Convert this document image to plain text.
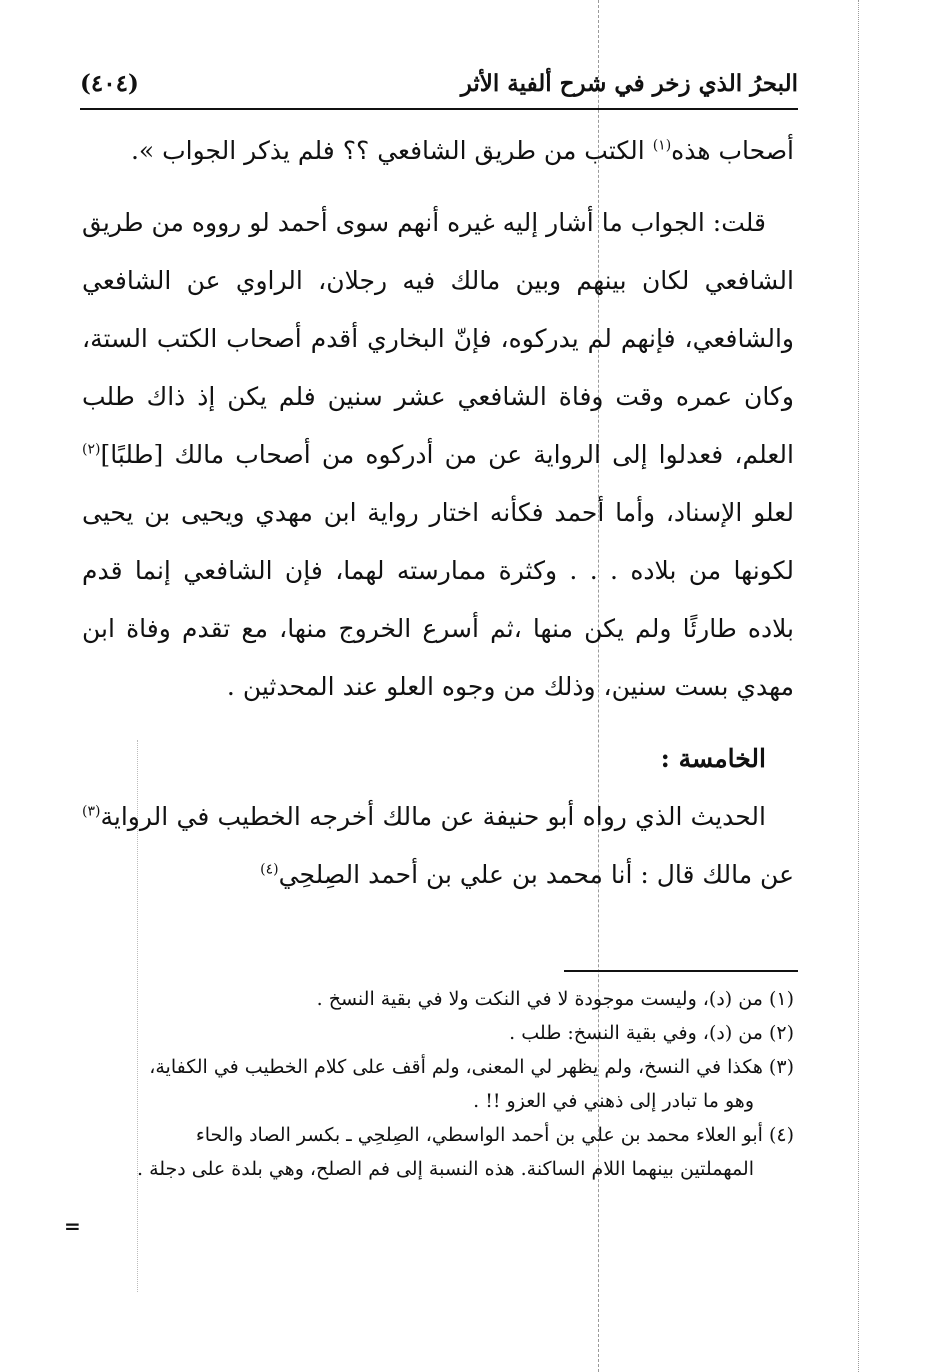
البحرُ الذي زخر في شرح ألفية الأثر
(٤٠٤)

أصحاب هذه$^{(١)}$ الكتب من طريق الشافعي ؟؟ فلم يذكر الجواب ».

قلت: الجواب ما أشار إليه غيره أنهم سوى أحمد لو رووه من طريق الشافعي لكان بينهم وبين مالك فيه رجلان، الراوي عن الشافعي والشافعي، فإنهم لم يدركوه، فإنّ البخاري أقدم أصحاب الكتب الستة، وكان عمره وقت وفاة الشافعي عشر سنين فلم يكن إذ ذاك طلب العلم، فعدلوا إلى الرواية عن من أدركوه من أصحاب مالك [طلبًا]$^{(٢)}$ لعلو الإسناد، وأما أحمد فكأنه اختار رواية ابن مهدي ويحيى بن يحيى لكونها من بلاده . . . وكثرة ممارسته لهما، فإن الشافعي إنما قدم بلاده طارئًا ولم يكن منها ،ثم أسرع الخروج منها، مع تقدم وفاة ابن مهدي بست سنين، وذلك من وجوه العلو عند المحدثين .

الخامسة :

الحديث الذي رواه أبو حنيفة عن مالك أخرجه الخطيب في الرواية$^{(٣)}$ عن مالك قال : أنا محمد بن علي بن أحمد الصِلحِي$^{(٤)}$

(١) من (د)، وليست موجودة لا في النكت ولا في بقية النسخ .

(٢) من (د)، وفي بقية النسخ: طلب .

(٣) هكذا في النسخ، ولم يظهر لي المعنى، ولم أقف على كلام الخطيب في الكفاية،

وهو ما تبادر إلى ذهني في العزو !! .

(٤) أبو العلاء محمد بن علي بن أحمد الواسطي، الصِلحِي ـ بكسر الصاد والحاء

المهملتين بينهما اللام الساكنة. هذه النسبة إلى فم الصلح، وهي بلدة على دجلة .

=
